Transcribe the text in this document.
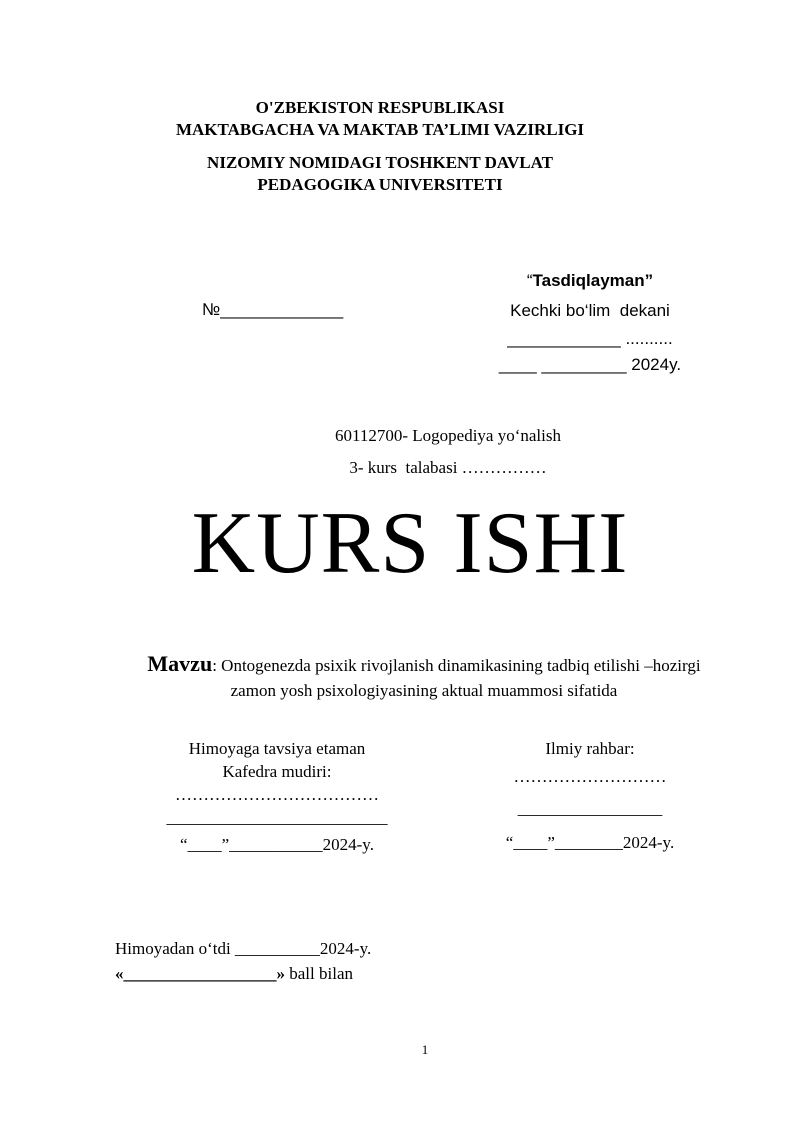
O'ZBEKISTON RESPUBLIKASI
MAKTABGACHA VA MAKTAB TA’LIMI VAZIRLIGI
NIZOMIY NOMIDAGI TOSHKENT DAVLAT
PEDAGOGIKA UNIVERSITETI
№_____________
“Tasdiqlayman”
Kechki bo‘lim  dekani
____________ ..........
____ _________ 2024y.
60112700- Logopediya yo‘nalish
3- kurs  talabasi ……………
KURS ISHI
Mavzu: Ontogenezda psixik rivojlanish dinamikasining tadbiq etilishi –hozirgi
zamon yosh psixologiyasining aktual muammosi sifatida
Himoyaga tavsiya etaman
Kafedra mudiri:
………………………………
__________________________
“____”___________2024-y.
Ilmiy rahbar:
………………………
_________________
“____”________2024-y.
Himoyadan o‘tdi __________2024-y.
«__________________» ball bilan
1
